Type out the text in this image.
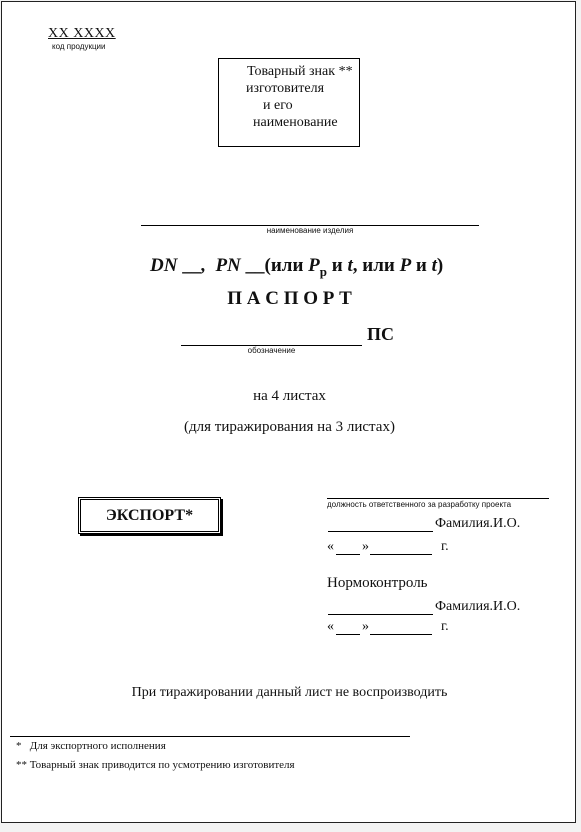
XX XXXX
код продукции
Товарный знак **
изготовителя
и его
наименование
наименование изделия
DN __, PN __(или $P_р$ и t, или P и t)
П А С П О Р Т
обозначение
ПС
на 4 листах
(для тиражирования на 3 листах)
ЭКСПОРТ*
должность ответственного за разработку проекта
Фамилия.И.О.
« »	г.
Нормоконтроль
Фамилия.И.О.
« »	г.
При тиражировании данный лист не воспроизводить
* Для экспортного исполнения
** Товарный знак приводится по усмотрению изготовителя
